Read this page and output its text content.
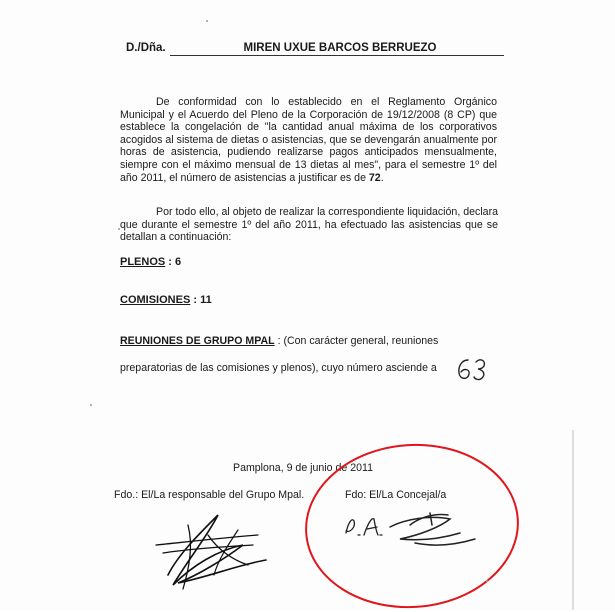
D./Dña.	MIREN UXUE BARCOS BERRUEZO
De conformidad con lo establecido en el Reglamento Orgánico Municipal y el Acuerdo del Pleno de la Corporación de 19/12/2008 (8 CP) que establece la congelación de "la cantidad anual máxima de los corporativos acogidos al sistema de dietas o asistencias, que se devengarán anualmente por horas de asistencia, pudiendo realizarse pagos anticipados mensualmente, siempre con el máximo mensual de 13 dietas al mes", para el semestre 1º del año 2011, el número de asistencias a justificar es de 72.
Por todo ello, al objeto de realizar la correspondiente liquidación, declara que durante el semestre 1º del año 2011, ha efectuado las asistencias que se detallan a continuación:
PLENOS : 6
COMISIONES : 11
REUNIONES DE GRUPO MPAL : (Con carácter general, reuniones
preparatorias de las comisiones y plenos), cuyo número asciende a
Pamplona, 9 de junio de 2011
Fdo.: El/La responsable del Grupo Mpal.	Fdo: El/La Concejal/a
